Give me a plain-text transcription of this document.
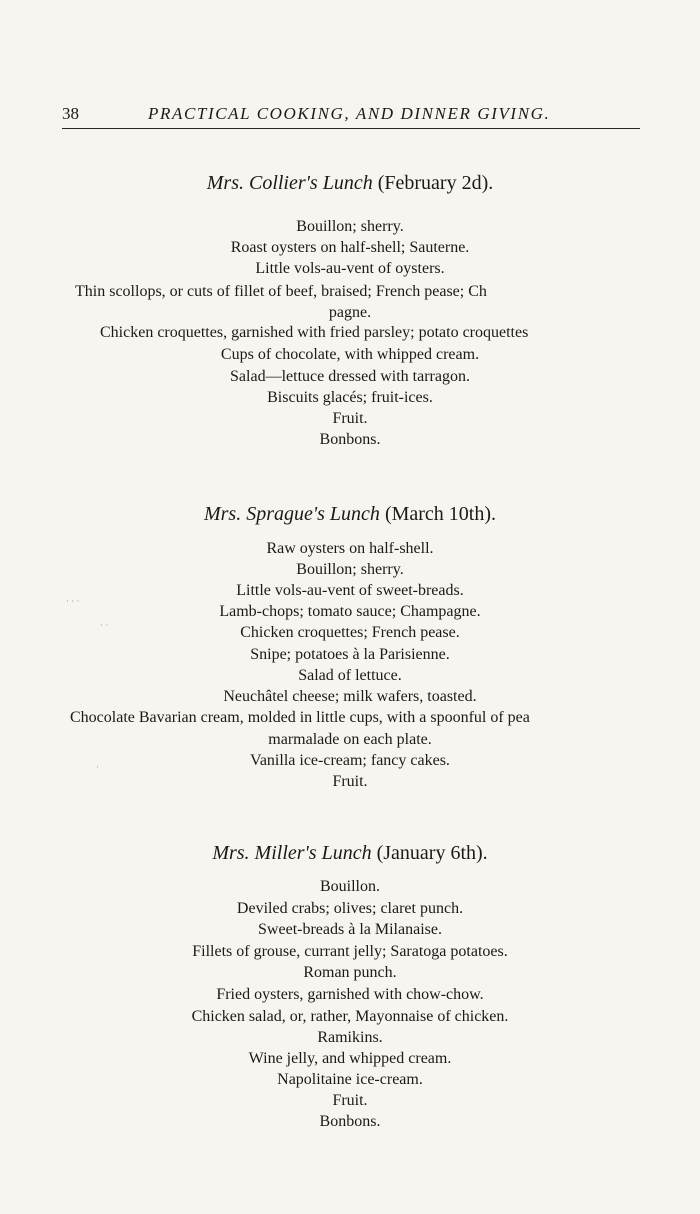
38	PRACTICAL COOKING, AND DINNER GIVING.
Mrs. Collier's Lunch (February 2d).
Bouillon; sherry.
Roast oysters on half-shell; Sauterne.
Little vols-au-vent of oysters.
Thin scollops, or cuts of fillet of beef, braised; French pease; Ch
pagne.
Chicken croquettes, garnished with fried parsley; potato croquettes
Cups of chocolate, with whipped cream.
Salad—lettuce dressed with tarragon.
Biscuits glacés; fruit-ices.
Fruit.
Bonbons.
Mrs. Sprague's Lunch (March 10th).
Raw oysters on half-shell.
Bouillon; sherry.
Little vols-au-vent of sweet-breads.
Lamb-chops; tomato sauce; Champagne.
Chicken croquettes; French pease.
Snipe; potatoes à la Parisienne.
Salad of lettuce.
Neuchâtel cheese; milk wafers, toasted.
Chocolate Bavarian cream, molded in little cups, with a spoonful of pea
marmalade on each plate.
Vanilla ice-cream; fancy cakes.
Fruit.
Mrs. Miller's Lunch (January 6th).
Bouillon.
Deviled crabs; olives; claret punch.
Sweet-breads à la Milanaise.
Fillets of grouse, currant jelly; Saratoga potatoes.
Roman punch.
Fried oysters, garnished with chow-chow.
Chicken salad, or, rather, Mayonnaise of chicken.
Ramikins.
Wine jelly, and whipped cream.
Napolitaine ice-cream.
Fruit.
Bonbons.
· · ·
· ·
·
